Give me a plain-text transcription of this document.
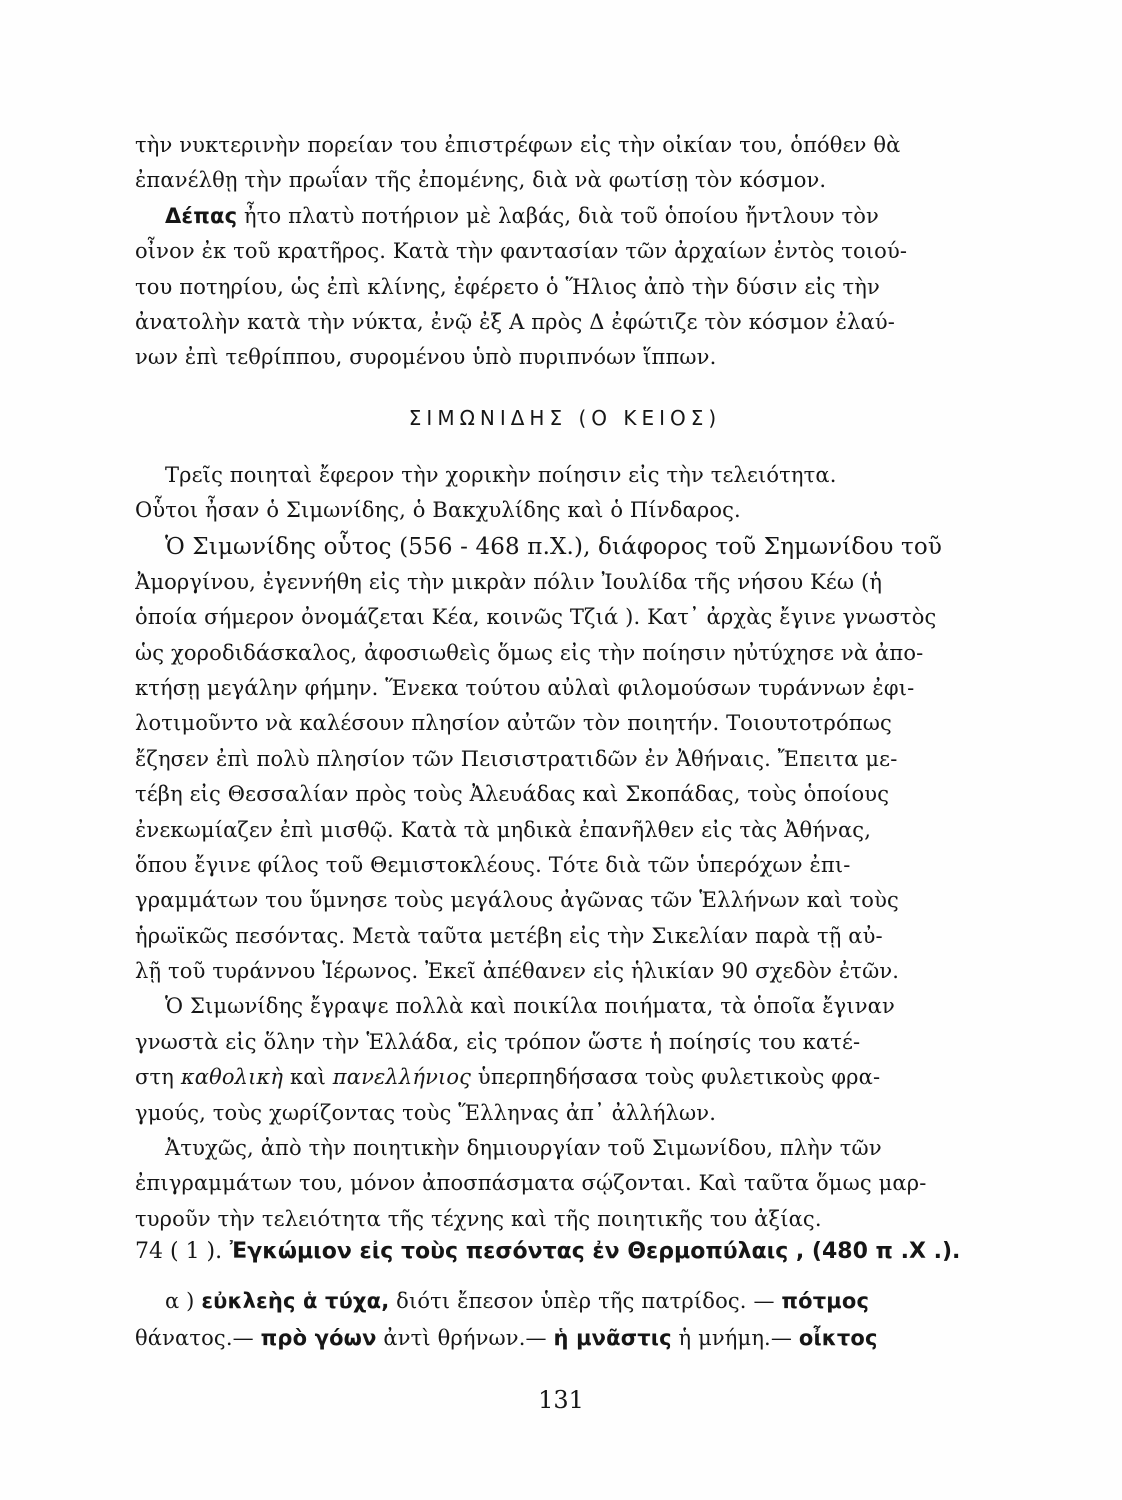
τὴν νυκτερινὴν πορείαν του ἐπιστρέφων εἰς τὴν οἰκίαν του, ὁπόθεν θὰ
ἐπανέλθῃ τὴν πρωΐαν τῆς ἐπομένης, διὰ νὰ φωτίσῃ τὸν κόσμον.
Δέπας ἦτο πλατὺ ποτήριον μὲ λαβάς, διὰ τοῦ ὁποίου ἤντλουν τὸν
οἶνον ἐκ τοῦ κρατῆρος. Κατὰ τὴν φαντασίαν τῶν ἀρχαίων ἐντὸς τοιού-
του ποτηρίου, ὡς ἐπὶ κλίνης, ἐφέρετο ὁ Ἥλιος ἀπὸ τὴν δύσιν εἰς τὴν
ἀνατολὴν κατὰ τὴν νύκτα, ἐνῷ ἐξ Α πρὸς Δ ἐφώτιζε τὸν κόσμον ἐλαύ-
νων ἐπὶ τεθρίππου, συρομένου ὑπὸ πυριπνόων ἵππων.
ΣΙΜΩΝΙΔΗΣ (Ο ΚΕΙΟΣ)
Τρεῖς ποιηταὶ ἔφερον τὴν χορικὴν ποίησιν εἰς τὴν τελειότητα.
Οὗτοι ἦσαν ὁ Σιμωνίδης, ὁ Βακχυλίδης καὶ ὁ Πίνδαρος.
Ὁ Σιμωνίδης οὗτος (556 - 468 π.Χ.), διάφορος τοῦ Σημωνίδου τοῦ
Ἀμοργίνου, ἐγεννήθη εἰς τὴν μικρὰν πόλιν Ἰουλίδα τῆς νήσου Κέω (ἡ
ὁποία σήμερον ὀνομάζεται Κέα, κοινῶς Τζιά ). Κατ᾽ ἀρχὰς ἔγινε γνωστὸς
ὡς χοροδιδάσκαλος, ἀφοσιωθεὶς ὅμως εἰς τὴν ποίησιν ηὐτύχησε νὰ ἀπο-
κτήσῃ μεγάλην φήμην. Ἕνεκα τούτου αὐλαὶ φιλομούσων τυράννων ἐφι-
λοτιμοῦντο νὰ καλέσουν πλησίον αὐτῶν τὸν ποιητήν. Τοιουτοτρόπως
ἔζησεν ἐπὶ πολὺ πλησίον τῶν Πεισιστρατιδῶν ἐν Ἀθήναις. Ἔπειτα με-
τέβη εἰς Θεσσαλίαν πρὸς τοὺς Ἀλευάδας καὶ Σκοπάδας, τοὺς ὁποίους
ἐνεκωμίαζεν ἐπὶ μισθῷ. Κατὰ τὰ μηδικὰ ἐπανῆλθεν εἰς τὰς Ἀθήνας,
ὅπου ἔγινε φίλος τοῦ Θεμιστοκλέους. Τότε διὰ τῶν ὑπερόχων ἐπι-
γραμμάτων του ὕμνησε τοὺς μεγάλους ἀγῶνας τῶν Ἑλλήνων καὶ τοὺς
ἡρωϊκῶς πεσόντας. Μετὰ ταῦτα μετέβη εἰς τὴν Σικελίαν παρὰ τῇ αὐ-
λῇ τοῦ τυράννου Ἱέρωνος. Ἐκεῖ ἀπέθανεν εἰς ἡλικίαν 90 σχεδὸν ἐτῶν.
Ὁ Σιμωνίδης ἔγραψε πολλὰ καὶ ποικίλα ποιήματα, τὰ ὁποῖα ἔγιναν
γνωστὰ εἰς ὅλην τὴν Ἑλλάδα, εἰς τρόπον ὥστε ἡ ποίησίς του κατέ-
στη καθολικὴ καὶ πανελλήνιος ὑπερπηδήσασα τοὺς φυλετικοὺς φρα-
γμούς, τοὺς χωρίζοντας τοὺς Ἕλληνας ἀπ᾽ ἀλλήλων.
Ἀτυχῶς, ἀπὸ τὴν ποιητικὴν δημιουργίαν τοῦ Σιμωνίδου, πλὴν τῶν
ἐπιγραμμάτων του, μόνον ἀποσπάσματα σῴζονται. Καὶ ταῦτα ὅμως μαρ-
τυροῦν τὴν τελειότητα τῆς τέχνης καὶ τῆς ποιητικῆς του ἀξίας.
74 ( 1 ). Ἐγκώμιον εἰς τοὺς πεσόντας ἐν Θερμοπύλαις , (480 π .Χ .).
α ) εὐκλεὴς ἁ τύχα, διότι ἔπεσον ὑπὲρ τῆς πατρίδος. — πότμος
θάνατος.— πρὸ γόων ἀντὶ θρήνων.— ἡ μνᾶστις ἡ μνήμη.— οἶκτος
131
